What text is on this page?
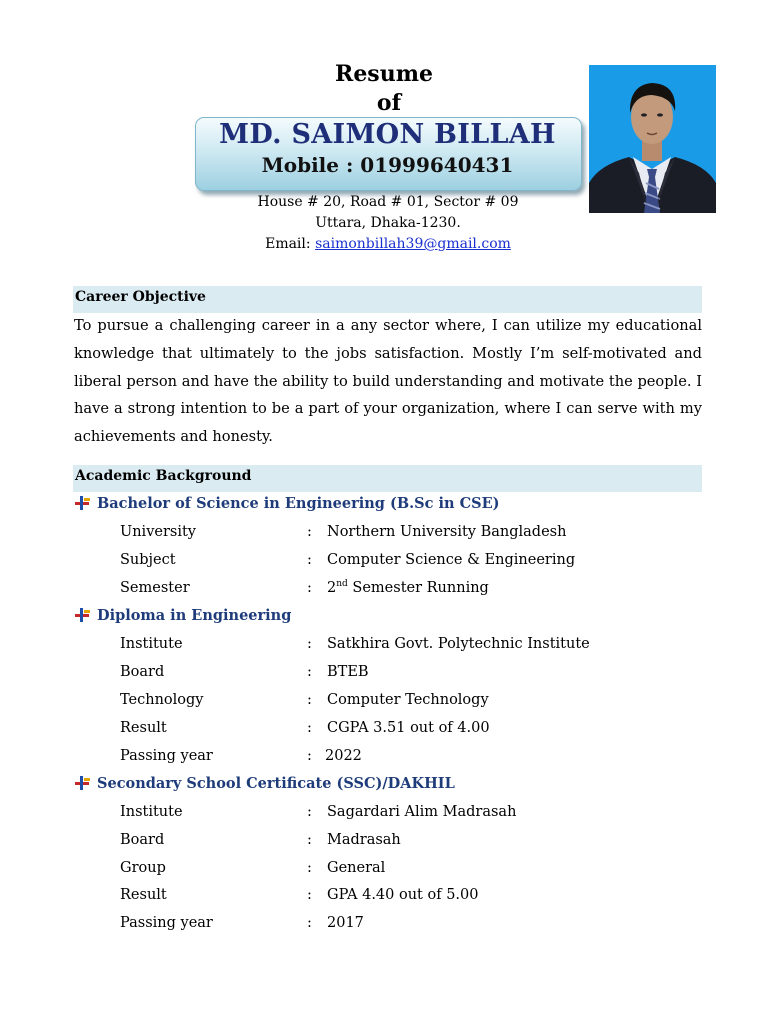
Resume
of
MD. SAIMON BILLAH
Mobile : 01999640431
House # 20, Road # 01, Sector # 09
Uttara, Dhaka-1230.
Email: saimonbillah39@gmail.com
Career Objective
To pursue a challenging career in a any sector where, I can utilize my educational knowledge that ultimately to the jobs satisfaction. Mostly I’m self-motivated and liberal person and have the ability to build understanding and motivate the people. I have a strong intention to be a part of your organization, where I can serve with my achievements and honesty.
Academic Background
Bachelor of Science in Engineering (B.Sc in CSE)
University	: Northern University Bangladesh
Subject	: Computer Science & Engineering
Semester	: 2nd Semester Running
Diploma in Engineering
Institute	: Satkhira Govt. Polytechnic Institute
Board	: BTEB
Technology	: Computer Technology
Result	: CGPA 3.51 out of 4.00
Passing year	: 2022
Secondary School Certificate (SSC)/DAKHIL
Institute	: Sagardari Alim Madrasah
Board	: Madrasah
Group	: General
Result	: GPA 4.40 out of 5.00
Passing year	: 2017
